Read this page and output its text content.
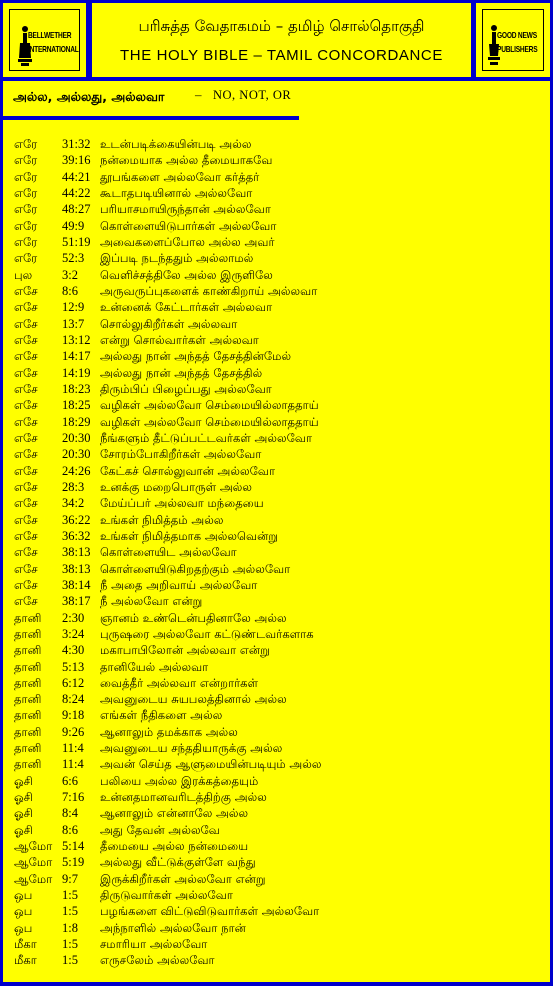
BELLWETHER
INTERNATIONAL
பரிசுத்த வேதாகமம் – தமிழ் சொல்தொகுதி
THE HOLY BIBLE – TAMIL CONCORDANCE
GOOD NEWS
PUBLISHERS
அல்ல, அல்லது, அல்லவா – NO, NOT, OR
எரே 31:32 உடன்படிக்கையின்படி அல்ல
எரே 39:16 நன்மையாக அல்ல தீமையாகவே
எரே 44:21 தூபங்களை அல்லவோ கர்த்தர்
எரே 44:22 கூடாதபடியினால் அல்லவோ
எரே 48:27 பரியாசமாயிருந்தான் அல்லவோ
எரே 49:9 கொள்ளையிடுபார்கள் அல்லவோ
எரே 51:19 அவைகளைப்போல அல்ல அவர்
எரே 52:3 இப்படி நடந்ததும் அல்லாமல்
புல 3:2 வெளிச்சத்திலே அல்ல இருளிலே
எசே 8:6 அருவருப்புகளைக் காண்கிறாய் அல்லவா
எசே 12:9 உன்னைக் கேட்டார்கள் அல்லவா
எசே 13:7 சொல்லுகிறீர்கள் அல்லவா
எசே 13:12 என்று சொல்வார்கள் அல்லவா
எசே 14:17 அல்லது நான் அந்தத் தேசத்தின்மேல்
எசே 14:19 அல்லது நான் அந்தத் தேசத்தில்
எசே 18:23 திரும்பிப் பிழைப்பது அல்லவோ
எசே 18:25 வழிகள் அல்லவோ செம்மையில்லாததாய்
எசே 18:29 வழிகள் அல்லவோ செம்மையில்லாததாய்
எசே 20:30 நீங்களும் தீட்டுப்பட்டவர்கள் அல்லவோ
எசே 20:30 சோரம்போகிறீர்கள் அல்லவோ
எசே 24:26 கேட்கச் சொல்லுவான் அல்லவோ
எசே 28:3 உனக்கு மறைபொருள் அல்ல
எசே 34:2 மேய்ப்பர் அல்லவா மந்தையை
எசே 36:22 உங்கள் நிமித்தம் அல்ல
எசே 36:32 உங்கள் நிமித்தமாக அல்லவென்று
எசே 38:13 கொள்ளையிட அல்லவோ
எசே 38:13 கொள்ளையிடுகிறதற்கும் அல்லவோ
எசே 38:14 நீ அதை அறிவாய் அல்லவோ
எசே 38:17 நீ அல்லவோ என்று
தானி 2:30 ஞானம் உண்டென்பதினாலே அல்ல
தானி 3:24 புருஷரை அல்லவோ கட்டுண்டவர்களாக
தானி 4:30 மகாபாபிலோன் அல்லவா என்று
தானி 5:13 தானியேல் அல்லவா
தானி 6:12 வைத்தீர் அல்லவா என்றார்கள்
தானி 8:24 அவனுடைய சுயபலத்தினால் அல்ல
தானி 9:18 எங்கள் நீதிகளை அல்ல
தானி 9:26 ஆனாலும் தமக்காக அல்ல
தானி 11:4 அவனுடைய சந்ததியாருக்கு அல்ல
தானி 11:4 அவன் செய்த ஆளுமையின்படியும் அல்ல
ஓசி 6:6 பலியை அல்ல இரக்கத்தையும்
ஓசி 7:16 உன்னதமானவரிடத்திற்கு அல்ல
ஓசி 8:4 ஆனாலும் என்னாலே அல்ல
ஓசி 8:6 அது தேவன் அல்லவே
ஆமோ 5:14 தீமையை அல்ல நன்மையை
ஆமோ 5:19 அல்லது வீட்டுக்குள்ளே வந்து
ஆமோ 9:7 இருக்கிறீர்கள் அல்லவோ என்று
ஒப 1:5 திருடுவார்கள் அல்லவோ
ஒப 1:5 பழங்களை விட்டுவிடுவார்கள் அல்லவோ
ஒப 1:8 அந்நாளில் அல்லவோ நான்
மீகா 1:5 சமாரியா அல்லவோ
மீகா 1:5 எருசலேம் அல்லவோ
